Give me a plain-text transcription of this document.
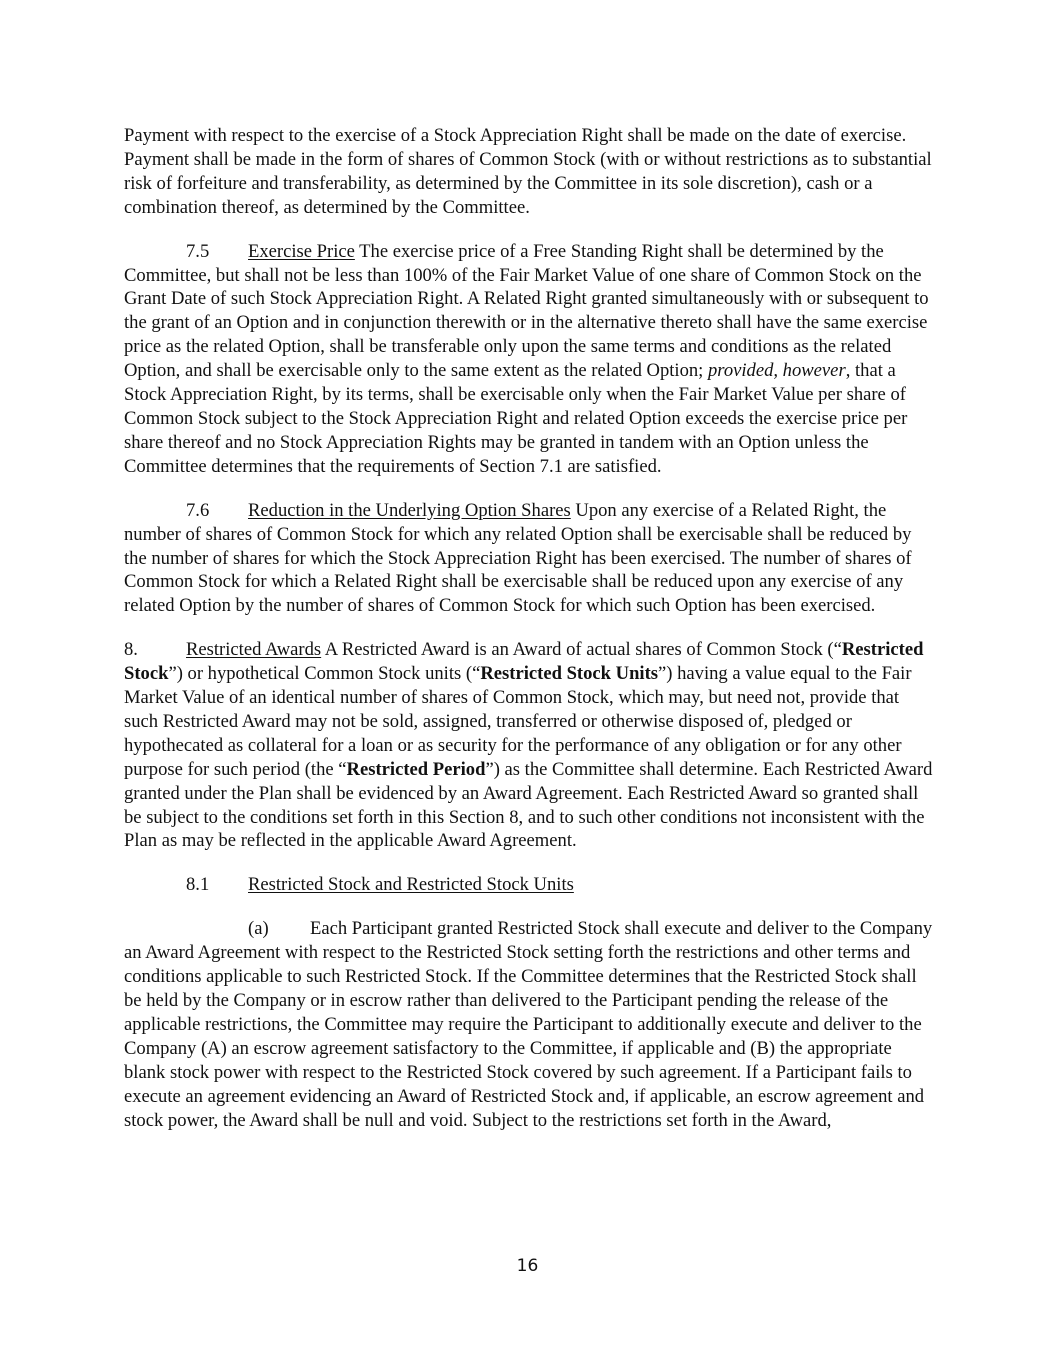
Payment with respect to the exercise of a Stock Appreciation Right shall be made on the date of exercise. Payment shall be made in the form of shares of Common Stock (with or without restrictions as to substantial risk of forfeiture and transferability, as determined by the Committee in its sole discretion), cash or a combination thereof, as determined by the Committee.

7.5 Exercise Price The exercise price of a Free Standing Right shall be determined by the Committee, but shall not be less than 100% of the Fair Market Value of one share of Common Stock on the Grant Date of such Stock Appreciation Right. A Related Right granted simultaneously with or subsequent to the grant of an Option and in conjunction therewith or in the alternative thereto shall have the same exercise price as the related Option, shall be transferable only upon the same terms and conditions as the related Option, and shall be exercisable only to the same extent as the related Option; provided, however, that a Stock Appreciation Right, by its terms, shall be exercisable only when the Fair Market Value per share of Common Stock subject to the Stock Appreciation Right and related Option exceeds the exercise price per share thereof and no Stock Appreciation Rights may be granted in tandem with an Option unless the Committee determines that the requirements of Section 7.1 are satisfied.

7.6 Reduction in the Underlying Option Shares Upon any exercise of a Related Right, the number of shares of Common Stock for which any related Option shall be exercisable shall be reduced by the number of shares for which the Stock Appreciation Right has been exercised. The number of shares of Common Stock for which a Related Right shall be exercisable shall be reduced upon any exercise of any related Option by the number of shares of Common Stock for which such Option has been exercised.

8.	Restricted Awards A Restricted Award is an Award of actual shares of Common Stock (“Restricted Stock”) or hypothetical Common Stock units (“Restricted Stock Units”) having a value equal to the Fair Market Value of an identical number of shares of Common Stock, which may, but need not, provide that such Restricted Award may not be sold, assigned, transferred or otherwise disposed of, pledged or hypothecated as collateral for a loan or as security for the performance of any obligation or for any other purpose for such period (the “Restricted Period”) as the Committee shall determine. Each Restricted Award granted under the Plan shall be evidenced by an Award Agreement. Each Restricted Award so granted shall be subject to the conditions set forth in this Section 8, and to such other conditions not inconsistent with the Plan as may be reflected in the applicable Award Agreement.

8.1 Restricted Stock and Restricted Stock Units

(a) Each Participant granted Restricted Stock shall execute and deliver to the Company an Award Agreement with respect to the Restricted Stock setting forth the restrictions and other terms and conditions applicable to such Restricted Stock. If the Committee determines that the Restricted Stock shall be held by the Company or in escrow rather than delivered to the Participant pending the release of the applicable restrictions, the Committee may require the Participant to additionally execute and deliver to the Company (A) an escrow agreement satisfactory to the Committee, if applicable and (B) the appropriate blank stock power with respect to the Restricted Stock covered by such agreement. If a Participant fails to execute an agreement evidencing an Award of Restricted Stock and, if applicable, an escrow agreement and stock power, the Award shall be null and void. Subject to the restrictions set forth in the Award,

16
